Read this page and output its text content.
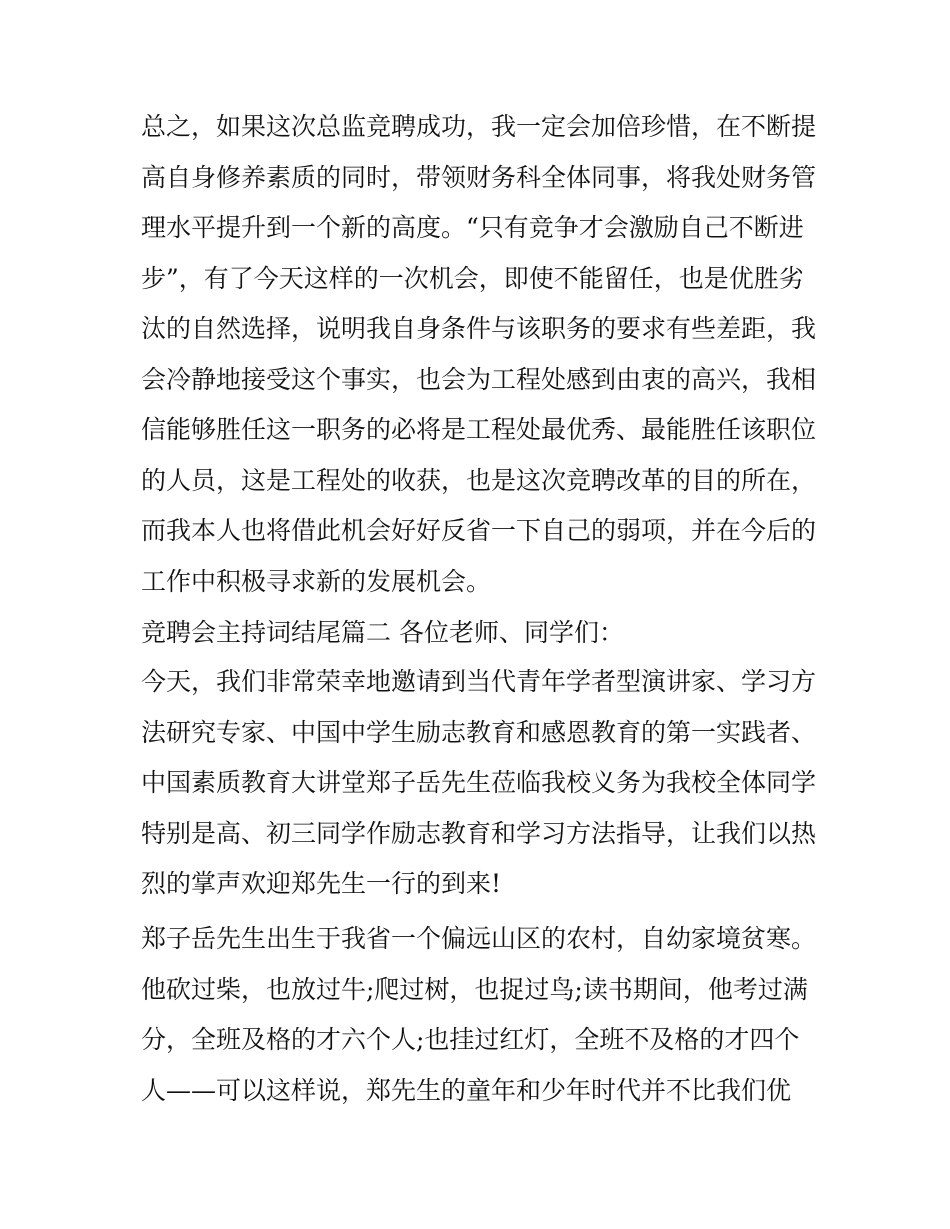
总之，如果这次总监竞聘成功，我一定会加倍珍惜，在不断提
高自身修养素质的同时，带领财务科全体同事，将我处财务管
理水平提升到一个新的高度。“只有竞争才会激励自己不断进
步”，有了今天这样的一次机会，即使不能留任，也是优胜劣
汰的自然选择，说明我自身条件与该职务的要求有些差距，我
会冷静地接受这个事实，也会为工程处感到由衷的高兴，我相
信能够胜任这一职务的必将是工程处最优秀、最能胜任该职位
的人员，这是工程处的收获，也是这次竞聘改革的目的所在，
而我本人也将借此机会好好反省一下自己的弱项，并在今后的
工作中积极寻求新的发展机会。
竞聘会主持词结尾篇二 各位老师、同学们：
今天，我们非常荣幸地邀请到当代青年学者型演讲家、学习方
法研究专家、中国中学生励志教育和感恩教育的第一实践者、
中国素质教育大讲堂郑子岳先生莅临我校义务为我校全体同学
特别是高、初三同学作励志教育和学习方法指导，让我们以热
烈的掌声欢迎郑先生一行的到来!
郑子岳先生出生于我省一个偏远山区的农村，自幼家境贫寒。
他砍过柴，也放过牛;爬过树，也捉过鸟;读书期间，他考过满
分，全班及格的才六个人;也挂过红灯，全班不及格的才四个
人——可以这样说，郑先生的童年和少年时代并不比我们优
